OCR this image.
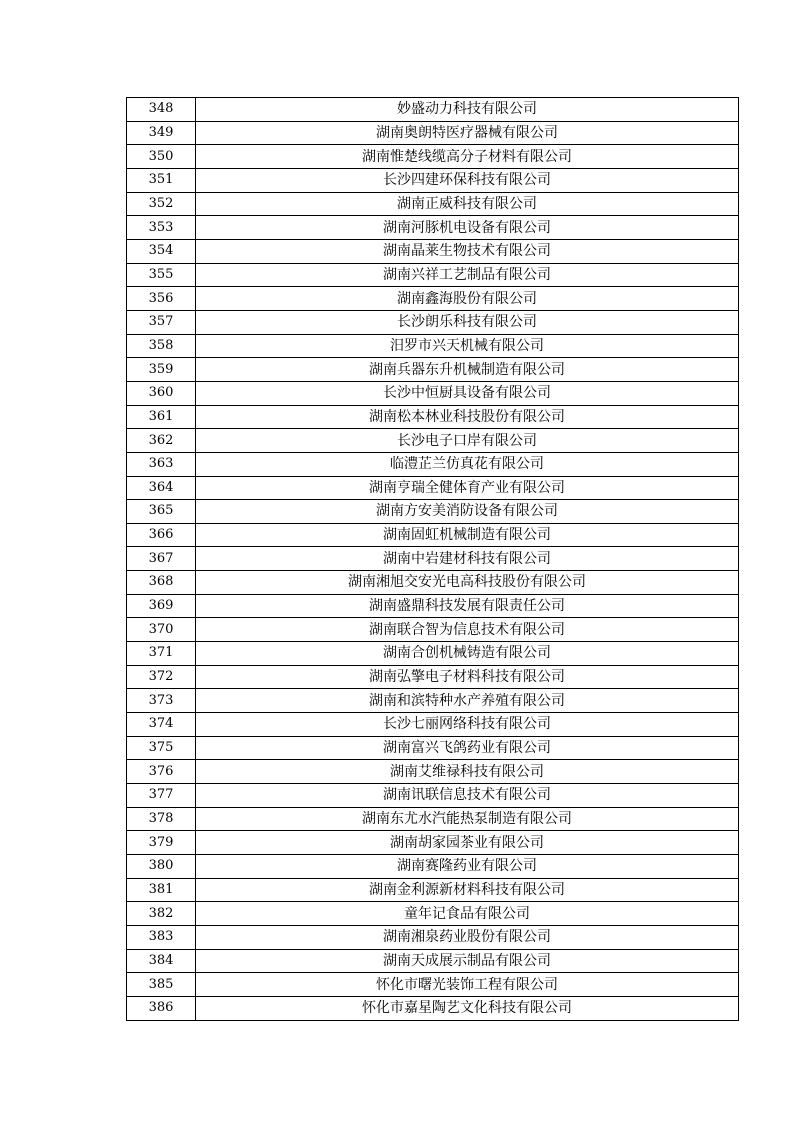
348	妙盛动力科技有限公司
349	湖南奥朗特医疗器械有限公司
350	湖南惟楚线缆高分子材料有限公司
351	长沙四建环保科技有限公司
352	湖南正威科技有限公司
353	湖南河豚机电设备有限公司
354	湖南晶莱生物技术有限公司
355	湖南兴祥工艺制品有限公司
356	湖南鑫海股份有限公司
357	长沙朗乐科技有限公司
358	汨罗市兴天机械有限公司
359	湖南兵器东升机械制造有限公司
360	长沙中恒厨具设备有限公司
361	湖南松本林业科技股份有限公司
362	长沙电子口岸有限公司
363	临澧芷兰仿真花有限公司
364	湖南亨瑞全健体育产业有限公司
365	湖南方安美消防设备有限公司
366	湖南固虹机械制造有限公司
367	湖南中岩建材科技有限公司
368	湖南湘旭交安光电高科技股份有限公司
369	湖南盛鼎科技发展有限责任公司
370	湖南联合智为信息技术有限公司
371	湖南合创机械铸造有限公司
372	湖南弘擎电子材料科技有限公司
373	湖南和滨特种水产养殖有限公司
374	长沙七丽网络科技有限公司
375	湖南富兴飞鸽药业有限公司
376	湖南艾维禄科技有限公司
377	湖南讯联信息技术有限公司
378	湖南东尤水汽能热泵制造有限公司
379	湖南胡家园茶业有限公司
380	湖南赛隆药业有限公司
381	湖南金利源新材料科技有限公司
382	童年记食品有限公司
383	湖南湘泉药业股份有限公司
384	湖南天成展示制品有限公司
385	怀化市曙光装饰工程有限公司
386	怀化市嘉星陶艺文化科技有限公司
